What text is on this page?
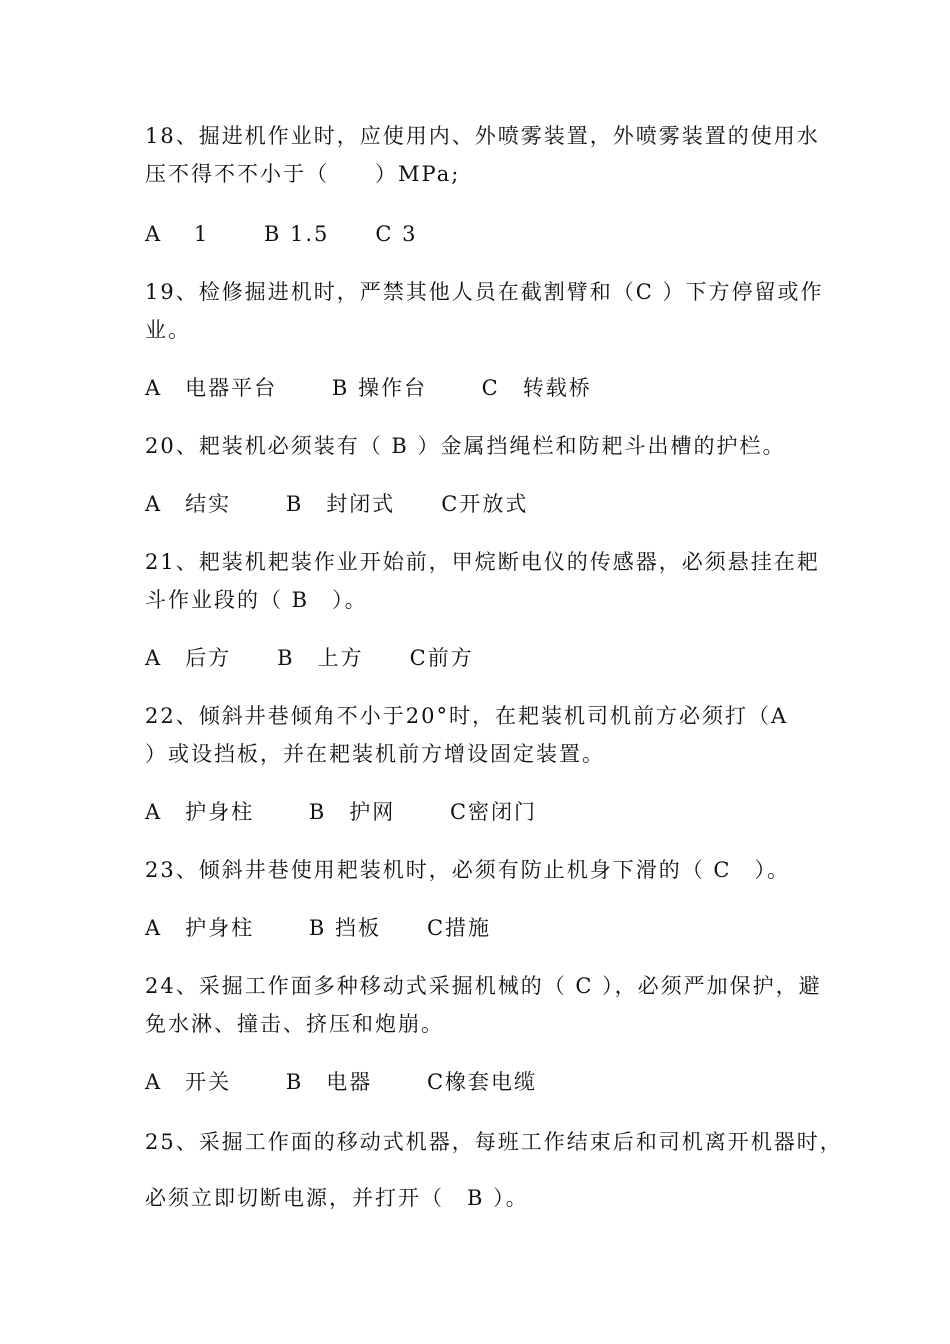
18、掘进机作业时，应使用内、外喷雾装置，外喷雾装置的使用水
压不得不不小于（　　）MPa;
A　 1　　 B 1.5　　C 3
19、检修掘进机时，严禁其他人员在截割臂和（C ）下方停留或作
业。
A　电器平台　　 B 操作台　　 C　转载桥
20、耙装机必须装有（ B ）金属挡绳栏和防耙斗出槽的护栏。
A　结实　　 B　封闭式　　C开放式
21、耙装机耙装作业开始前，甲烷断电仪的传感器，必须悬挂在耙
斗作业段的（ B　）。
A　后方　　B　上方　　C前方
22、倾斜井巷倾角不小于20°时，在耙装机司机前方必须打（A
）或设挡板，并在耙装机前方增设固定装置。
A　护身柱　　 B　护网　　 C密闭门
23、倾斜井巷使用耙装机时，必须有防止机身下滑的（ C　）。
A　护身柱　　 B 挡板　　C措施
24、采掘工作面多种移动式采掘机械的（ C ），必须严加保护，避
免水淋、撞击、挤压和炮崩。
A　开关　　 B　电器　　 C橡套电缆
25、采掘工作面的移动式机器，每班工作结束后和司机离开机器时，
必须立即切断电源，并打开（　B ）。
